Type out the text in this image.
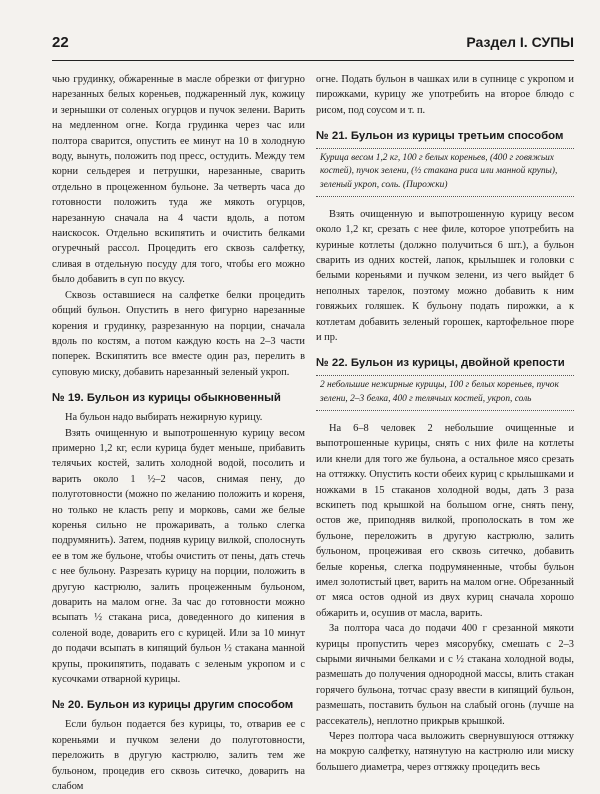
22	Раздел I. СУПЫ

чью грудинку, обжаренные в масле обрезки от фигурно нарезанных белых кореньев, поджаренный лук, кожицу и зернышки от соленых огурцов и пучок зелени. Варить на медленном огне. Когда грудинка через час или полтора сварится, опустить ее минут на 10 в холодную воду, вынуть, положить под пресс, остудить. Между тем корни сельдерея и петрушки, нарезанные, сварить отдельно в процеженном бульоне. За четверть часа до готовности положить туда же мякоть огурцов, нарезанную сначала на 4 части вдоль, а потом наискосок. Отдельно вскипятить и очистить белками огуречный рассол. Процедить его сквозь салфетку, сливая в отдельную посуду для того, чтобы его можно было добавить в суп по вкусу.

Сквозь оставшиеся на салфетке белки процедить общий бульон. Опустить в него фигурно нарезанные корения и грудинку, разрезанную на порции, сначала вдоль по костям, а потом каждую кость на 2–3 части поперек. Вскипятить все вместе один раз, перелить в суповую миску, добавить нарезанный зеленый укроп.

№ 19. Бульон из курицы обыкновенный

На бульон надо выбирать нежирную курицу.

Взять очищенную и выпотрошенную курицу весом примерно 1,2 кг, если курица будет меньше, прибавить телячьих костей, залить холодной водой, посолить и варить около 1 ½–2 часов, снимая пену, до полуготовности (можно по желанию положить и кореня, но только не класть репу и морковь, сами же белые коренья сильно не прожаривать, а только слегка подрумянить). Затем, подняв курицу вилкой, сполоснуть ее в том же бульоне, чтобы очистить от пены, дать стечь с нее бульону. Разрезать курицу на порции, положить в другую кастрюлю, залить процеженным бульоном, доварить на малом огне. За час до готовности можно всыпать ½ стакана риса, доведенного до кипения в соленой воде, доварить его с курицей. Или за 10 минут до подачи всыпать в кипящий бульон ½ стакана манной крупы, прокипятить, подавать с зеленым укропом и с кусочками отварной курицы.

№ 20. Бульон из курицы другим способом

Если бульон подается без курицы, то, отварив ее с кореньями и пучком зелени до полуготовности, переложить в другую кастрюлю, залить тем же бульоном, процедив его сквозь ситечко, доварить на слабом

огне. Подать бульон в чашках или в супнице с укропом и пирожками, курицу же употребить на второе блюдо с рисом, под соусом и т. п.

№ 21. Бульон из курицы третьим способом
Курица весом 1,2 кг, 100 г белых кореньев, (400 г говяжьих костей), пучок зелени, (½ стакана риса или манной крупы), зеленый укроп, соль. (Пирожки)

Взять очищенную и выпотрошенную курицу весом около 1,2 кг, срезать с нее филе, которое употребить на куриные котлеты (должно получиться 6 шт.), а бульон сварить из одних костей, лапок, крылышек и головки с белыми кореньями и пучком зелени, из чего выйдет 6 неполных тарелок, поэтому можно добавить к ним говяжьих голяшек. К бульону подать пирожки, а к котлетам добавить зеленый горошек, картофельное пюре и пр.

№ 22. Бульон из курицы, двойной крепости
2 небольшие нежирные курицы, 100 г белых кореньев, пучок зелени, 2–3 белка, 400 г телячьих костей, укроп, соль

На 6–8 человек 2 небольшие очищенные и выпотрошенные курицы, снять с них филе на котлеты или кнели для того же бульона, а остальное мясо срезать на оттяжку. Опустить кости обеих куриц с крылышками и ножками в 15 стаканов холодной воды, дать 3 раза вскипеть под крышкой на большом огне, снять пену, остов же, приподняв вилкой, прополоскать в том же бульоне, переложить в другую кастрюлю, залить бульоном, процеживая его сквозь ситечко, добавить белые коренья, слегка подрумяненные, чтобы бульон имел золотистый цвет, варить на малом огне. Обрезанный от мяса остов одной из двух куриц сначала хорошо обжарить и, осушив от масла, варить.

За полтора часа до подачи 400 г срезанной мякоти курицы пропустить через мясорубку, смешать с 2–3 сырыми яичными белками и с ½ стакана холодной воды, размешать до получения однородной массы, влить стакан горячего бульона, тотчас сразу ввести в кипящий бульон, размешать, поставить бульон на слабый огонь (лучше на рассекатель), неплотно прикрыв крышкой.

Через полтора часа выложить свернувшуюся оттяжку на мокрую салфетку, натянутую на кастрюлю или миску большего диаметра, через оттяжку процедить весь
